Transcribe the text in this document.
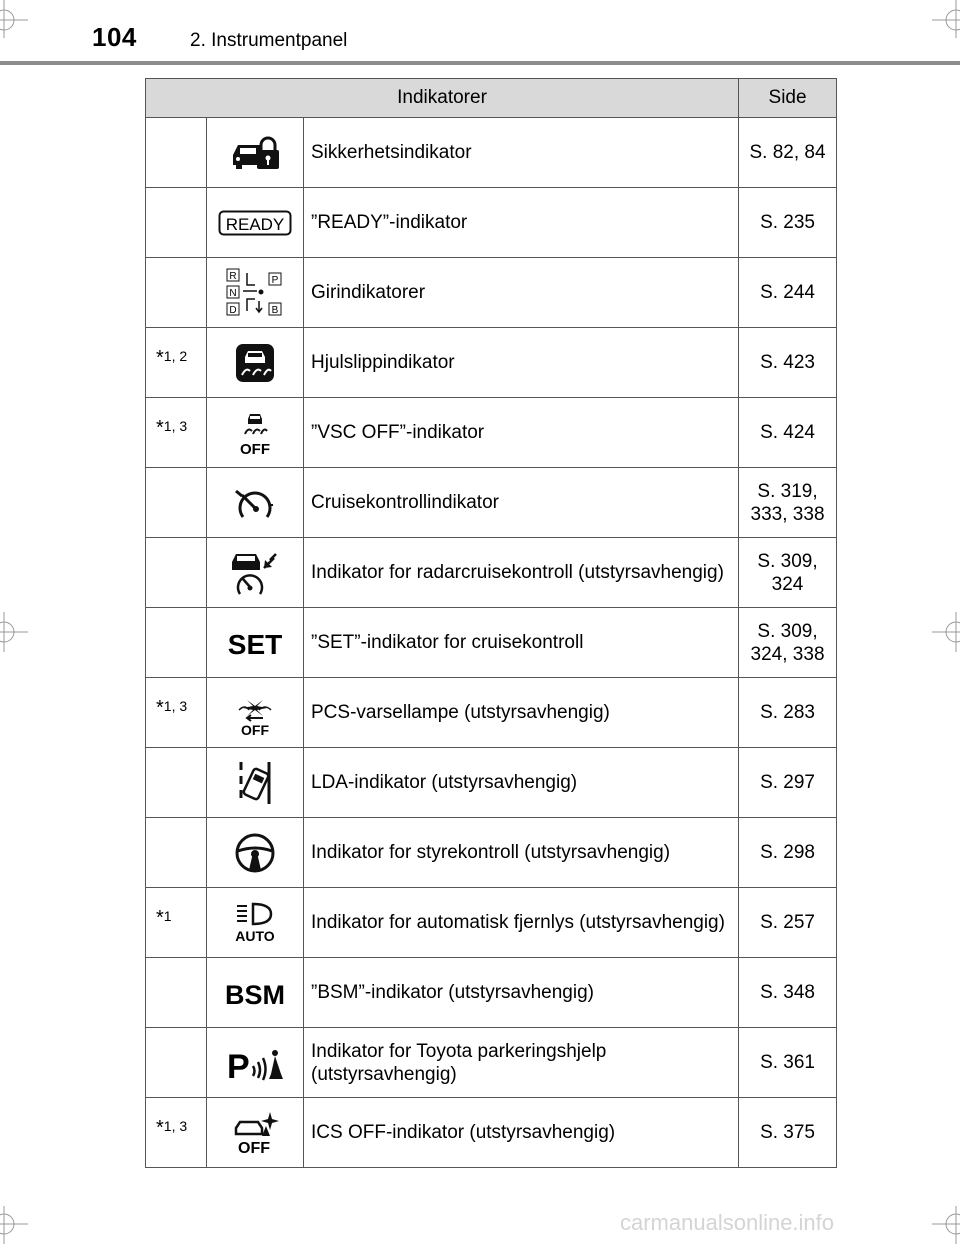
104	2. Instrumentpanel
Indikatorer			Side

	Sikkerhetsindikator	S. 82, 84

READY	”READY”-indikator	S. 235

R
N
D
P
B	Girindikatorer	S. 244

*1, 2		Hjulslippindikator	S. 423

*1, 3	OFF	”VSC OFF”-indikator	S. 424

	Cruisekontrollindikator	S. 319, 333, 338

	Indikator for radarcruisekontroll (utstyrsavhengig)	S. 309, 324

SET	”SET”-indikator for cruisekontroll	S. 309, 324, 338

*1, 3	OFF	PCS-varsellampe (utstyrsavhengig)	S. 283

	LDA-indikator (utstyrsavhengig)	S. 297

	Indikator for styrekontroll (utstyrsavhengig)	S. 298

*1	AUTO	Indikator for automatisk fjernlys (utstyrsavhengig)	S. 257

BSM	”BSM”-indikator (utstyrsavhengig)	S. 348

P	Indikator for Toyota parkeringshjelp (utstyrsavhengig)	S. 361

*1, 3	OFF	ICS OFF-indikator (utstyrsavhengig)	S. 375
carmanualsonline.info
